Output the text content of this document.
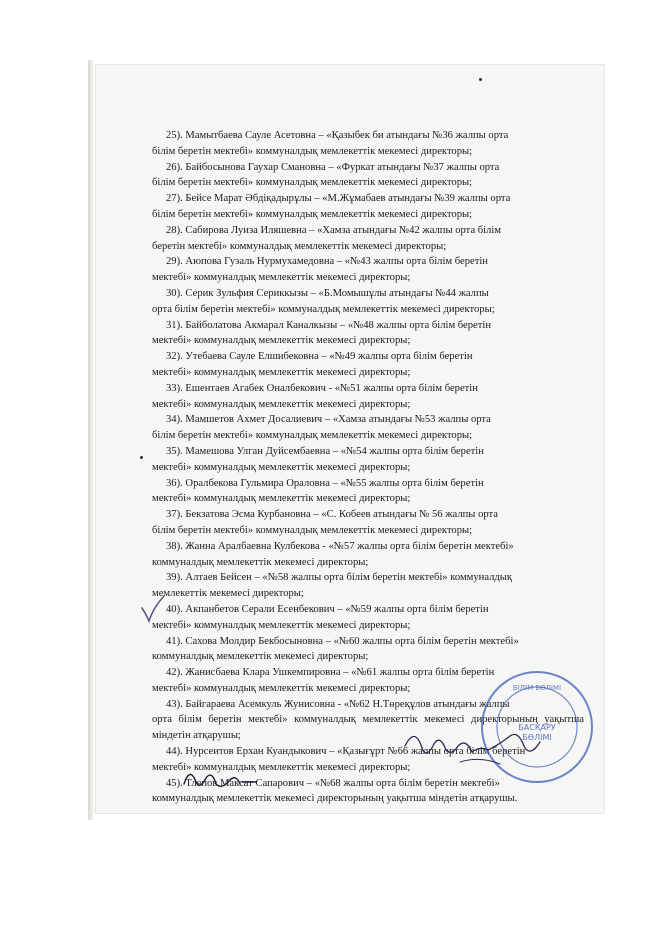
25). Мамытбаева Сауле Асетовна – «Қазыбек би атындағы №36 жалпы орта
білім беретін мектебі» коммуналдық мемлекеттік мекемесі директоры;

26). Байбосынова Гаухар Смановна – «Фуркат атындағы №37 жалпы орта
білім беретін мектебі» коммуналдық мемлекеттік мекемесі директоры;

27). Бейсе Марат Әбдіқадырұлы – «М.Жұмабаев атындағы №39 жалпы орта
білім беретін мектебі» коммуналдық мемлекеттік мекемесі директоры;

28). Сабирова Луиза Иляшевна – «Хамза атындағы №42 жалпы орта білім
беретін мектебі» коммуналдық мемлекеттік мекемесі директоры;

29). Аюпова Гузаль Нурмухамедовна – «№43 жалпы орта білім беретін
мектебі» коммуналдық мемлекеттік мекемесі директоры;

30). Серик Зульфия Сериккызы – «Б.Момышұлы атындағы №44 жалпы
орта білім беретін мектебі» коммуналдық мемлекеттік мекемесі директоры;

31). Байболатова Акмарал Каналкызы – «№48 жалпы орта білім беретін
мектебі» коммуналдық мемлекеттік мекемесі директоры;

32). Утебаева Сауле Елшибековна – «№49 жалпы орта білім беретін
мектебі» коммуналдық мемлекеттік мекемесі директоры;

33). Ешентаев Агабек Оналбекович - «№51 жалпы орта білім беретін
мектебі» коммуналдық мемлекеттік мекемесі директоры;

34). Мамшетов Ахмет Досалиевич – «Хамза атындағы №53 жалпы орта
білім беретін мектебі» коммуналдық мемлекеттік мекемесі директоры;

35). Мамешова Улган Дуйсембаевна – «№54 жалпы орта білім беретін
мектебі» коммуналдық мемлекеттік мекемесі директоры;

36). Оралбекова Гульмира Ораловна – «№55 жалпы орта білім беретін
мектебі» коммуналдық мемлекеттік мекемесі директоры;

37). Бекзатова Эсма Курбановна – «С. Кобеев атындағы № 56 жалпы орта
білім беретін мектебі» коммуналдық мемлекеттік мекемесі директоры;

38). Жанна Аралбаевна Кулбекова - «№57 жалпы орта білім беретін мектебі»
коммуналдық мемлекеттік мекемесі директоры;

39). Алтаев Бейсен – «№58 жалпы орта білім беретін мектебі» коммуналдық
мемлекеттік мекемесі директоры;

40). Акпанбетов Серали Есенбекович – «№59 жалпы орта білім беретін
мектебі» коммуналдық мемлекеттік мекемесі директоры;

41). Сахова Молдир Бекбосыновна – «№60 жалпы орта білім беретін мектебі»
коммуналдық мемлекеттік мекемесі директоры;

42). Жанисбаева Клара Ушкемпировна – «№61 жалпы орта білім беретін
мектебі» коммуналдық мемлекеттік мекемесі директоры;

43). Байгараева Асемкуль Жунисовна - «№62 Н.Төреқұлов атындағы жалпы
орта білім беретін мектебі» коммуналдық мемлекеттік мекемесі директорының уақытша міндетін атқарушы;

44). Нурсеитов Ерхан Куандыкович – «Қазығұрт №66 жалпы орта білім беретін
мектебі» коммуналдық мемлекеттік мекемесі директоры;

45). Тлепов Максат Сапарович – «№68 жалпы орта білім беретін мектебі»
коммуналдық мемлекеттік мекемесі директорының уақытша міндетін атқарушы.

БІЛІМ БӨЛІМІ
БАСҚАРУ
БӨЛІМІ
